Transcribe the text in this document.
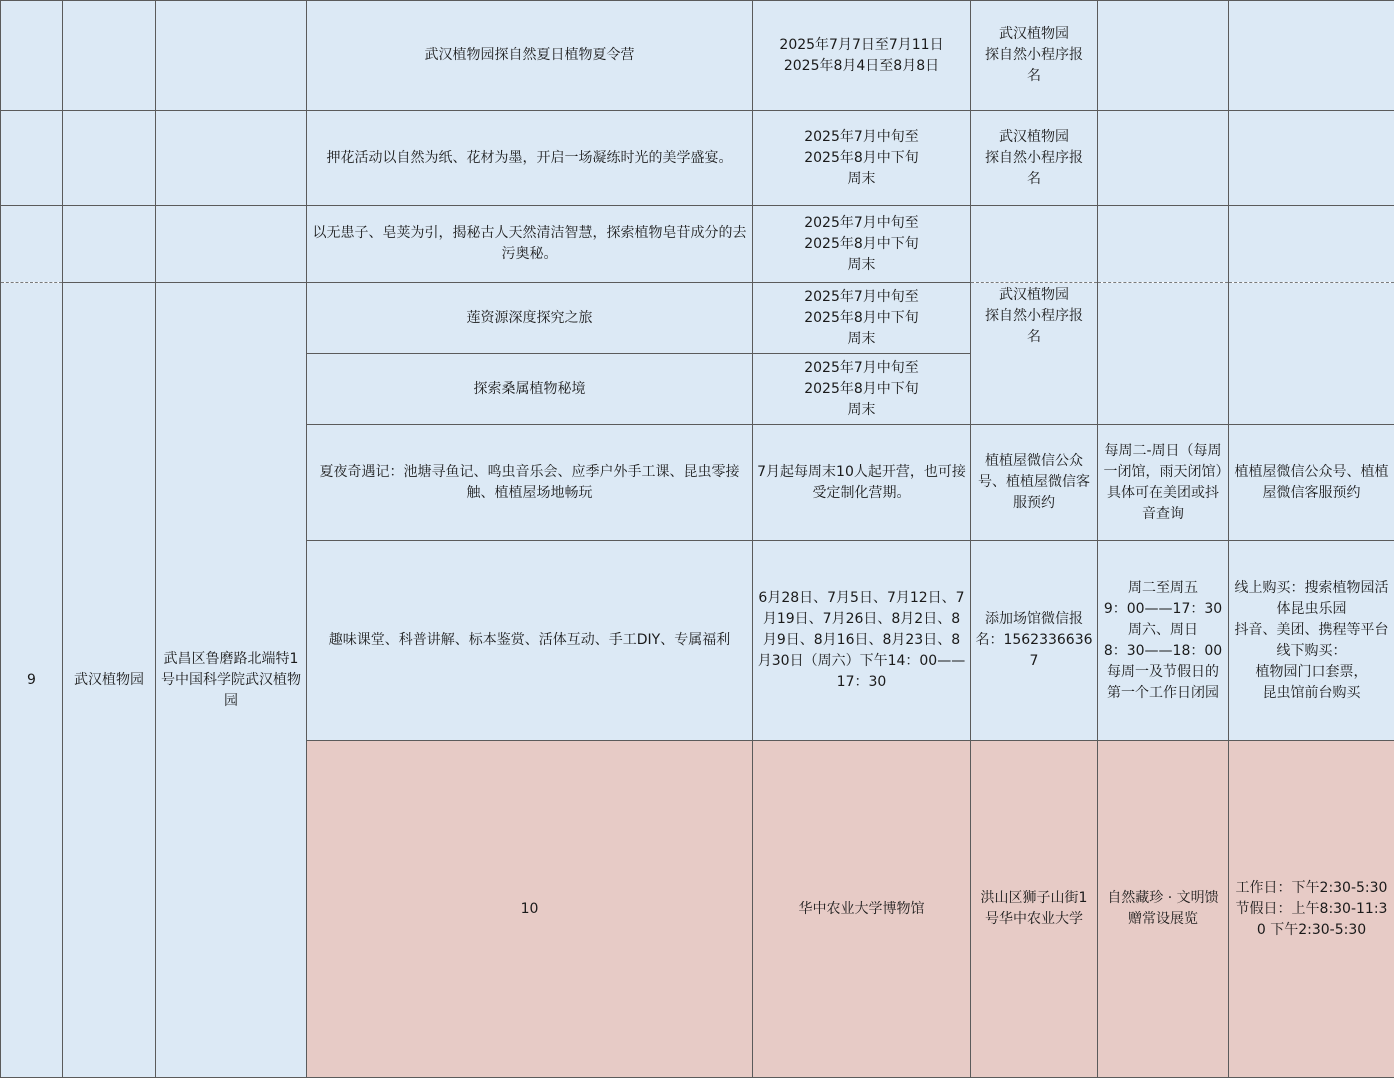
			武汉植物园探自然夏日植物夏令营	2025年7月7日至7月11日
2025年8月4日至8月8日	武汉植物园
探自然小程序报
名			
			押花活动以自然为纸、花材为墨，开启一场凝练时光的美学盛宴。	2025年7月中旬至
2025年8月中下旬
周末	武汉植物园
探自然小程序报
名			
			以无患子、皂荚为引，揭秘古人天然清洁智慧，探索植物皂苷成分的去污奥秘。	2025年7月中旬至
2025年8月中下旬
周末				
9	武汉植物园	武昌区鲁磨路北端特1号中国科学院武汉植物园	莲资源深度探究之旅	2025年7月中旬至
2025年8月中下旬
周末	武汉植物园
探自然小程序报
名			
			探索桑属植物秘境	2025年7月中旬至
2025年8月中下旬
周末				
			夏夜奇遇记：池塘寻鱼记、鸣虫音乐会、应季户外手工课、昆虫零接触、植植屋场地畅玩	7月起每周末10人起开营，也可接受定制化营期。	植植屋微信公众号、植植屋微信客服预约	每周二-周日（每周一闭馆，雨天闭馆）具体可在美团或抖音查询	植植屋微信公众号、植植屋微信客服预约	
			趣味课堂、科普讲解、标本鉴赏、活体互动、手工DIY、专属福利	6月28日、7月5日、7月12日、7月19日、7月26日、8月2日、8月9日、8月16日、8月23日、8月30日（周六）下午14：00——17：30	添加场馆微信报名：15623366367	周二至周五
9：00——17：30
周六、周日
8：30——18：00
每周一及节假日的第一个工作日闭园	线上购买：搜索植物园活体昆虫乐园
抖音、美团、携程等平台
线下购买：
植物园门口套票，
昆虫馆前台购买	
			10	华中农业大学博物馆	洪山区狮子山街1号华中农业大学	自然藏珍 · 文明馈赠常设展览	工作日：下午2:30-5:30
节假日：上午8:30-11:30 下午2:30-5:30			
